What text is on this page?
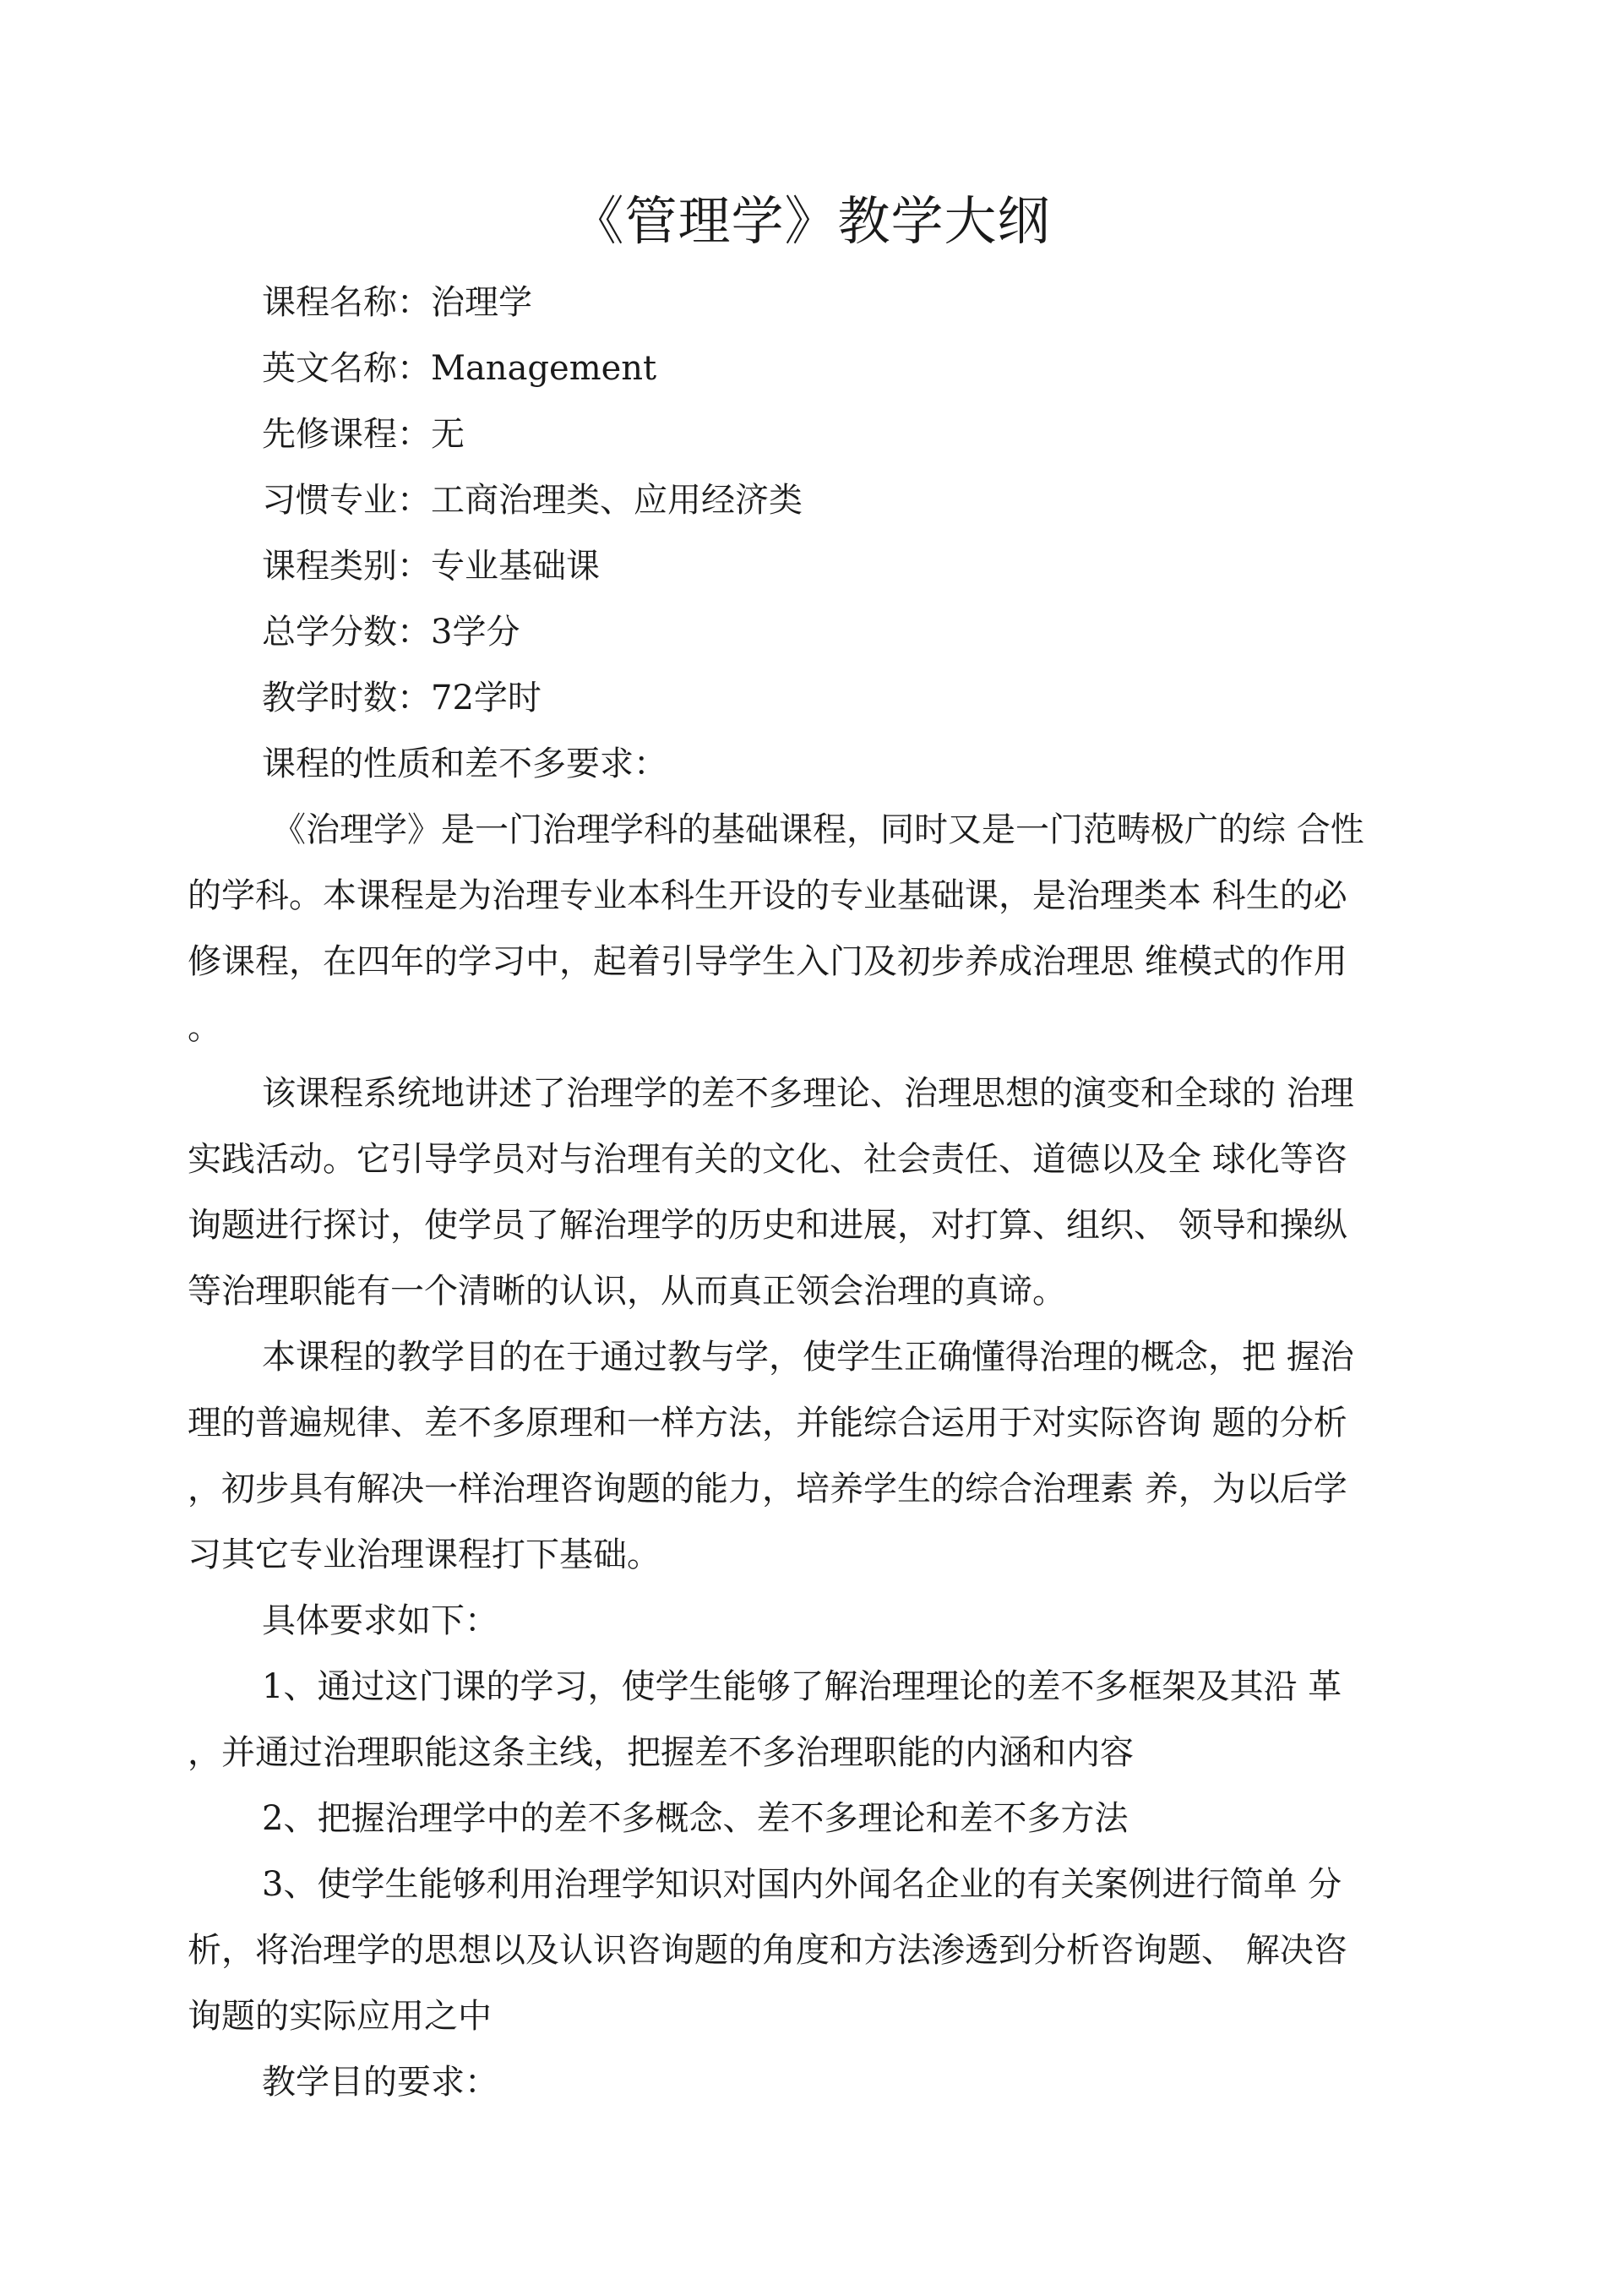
《管理学》教学大纲
课程名称：治理学
英文名称：Management
先修课程：无
习惯专业：工商治理类、应用经济类
课程类别：专业基础课
总学分数：3学分
教学时数：72学时
课程的性质和差不多要求：
《治理学》是一门治理学科的基础课程，同时又是一门范畴极广的综 合性
的学科。本课程是为治理专业本科生开设的专业基础课，是治理类本 科生的必
修课程，在四年的学习中，起着引导学生入门及初步养成治理思 维模式的作用
。
该课程系统地讲述了治理学的差不多理论、治理思想的演变和全球的 治理
实践活动。它引导学员对与治理有关的文化、社会责任、道德以及全 球化等咨
询题进行探讨，使学员了解治理学的历史和进展，对打算、组织、 领导和操纵
等治理职能有一个清晰的认识，从而真正领会治理的真谛。
本课程的教学目的在于通过教与学，使学生正确懂得治理的概念，把 握治
理的普遍规律、差不多原理和一样方法，并能综合运用于对实际咨询 题的分析
，初步具有解决一样治理咨询题的能力，培养学生的综合治理素 养，为以后学
习其它专业治理课程打下基础。
具体要求如下：
1、通过这门课的学习，使学生能够了解治理理论的差不多框架及其沿 革
，并通过治理职能这条主线，把握差不多治理职能的内涵和内容
2、把握治理学中的差不多概念、差不多理论和差不多方法
3、使学生能够利用治理学知识对国内外闻名企业的有关案例进行简单 分
析，将治理学的思想以及认识咨询题的角度和方法渗透到分析咨询题、 解决咨
询题的实际应用之中
教学目的要求：
